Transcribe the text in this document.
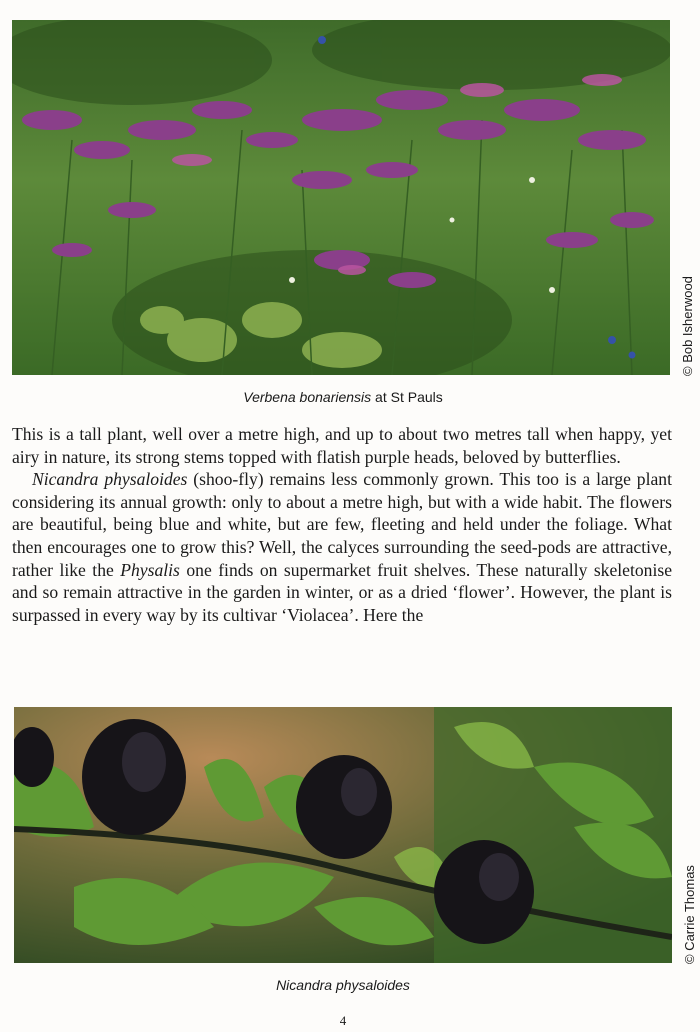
© Bob Isherwood
Verbena bonariensis at St Pauls

This is a tall plant, well over a metre high, and up to about two metres tall when happy, yet airy in nature, its strong stems topped with flatish purple heads, beloved by butterflies.

Nicandra physaloides (shoo-fly) remains less commonly grown. This too is a large plant considering its annual growth: only to about a metre high, but with a wide habit. The flowers are beautiful, being blue and white, but are few, fleeting and held under the foliage. What then encourages one to grow this? Well, the calyces surrounding the seed-pods are attractive, rather like the Physalis one finds on supermarket fruit shelves. These naturally skeletonise and so remain attractive in the garden in winter, or as a dried ‘flower’. However, the plant is surpassed in every way by its cultivar ‘Violacea’. Here the

© Carrie Thomas
Nicandra physaloides
4
